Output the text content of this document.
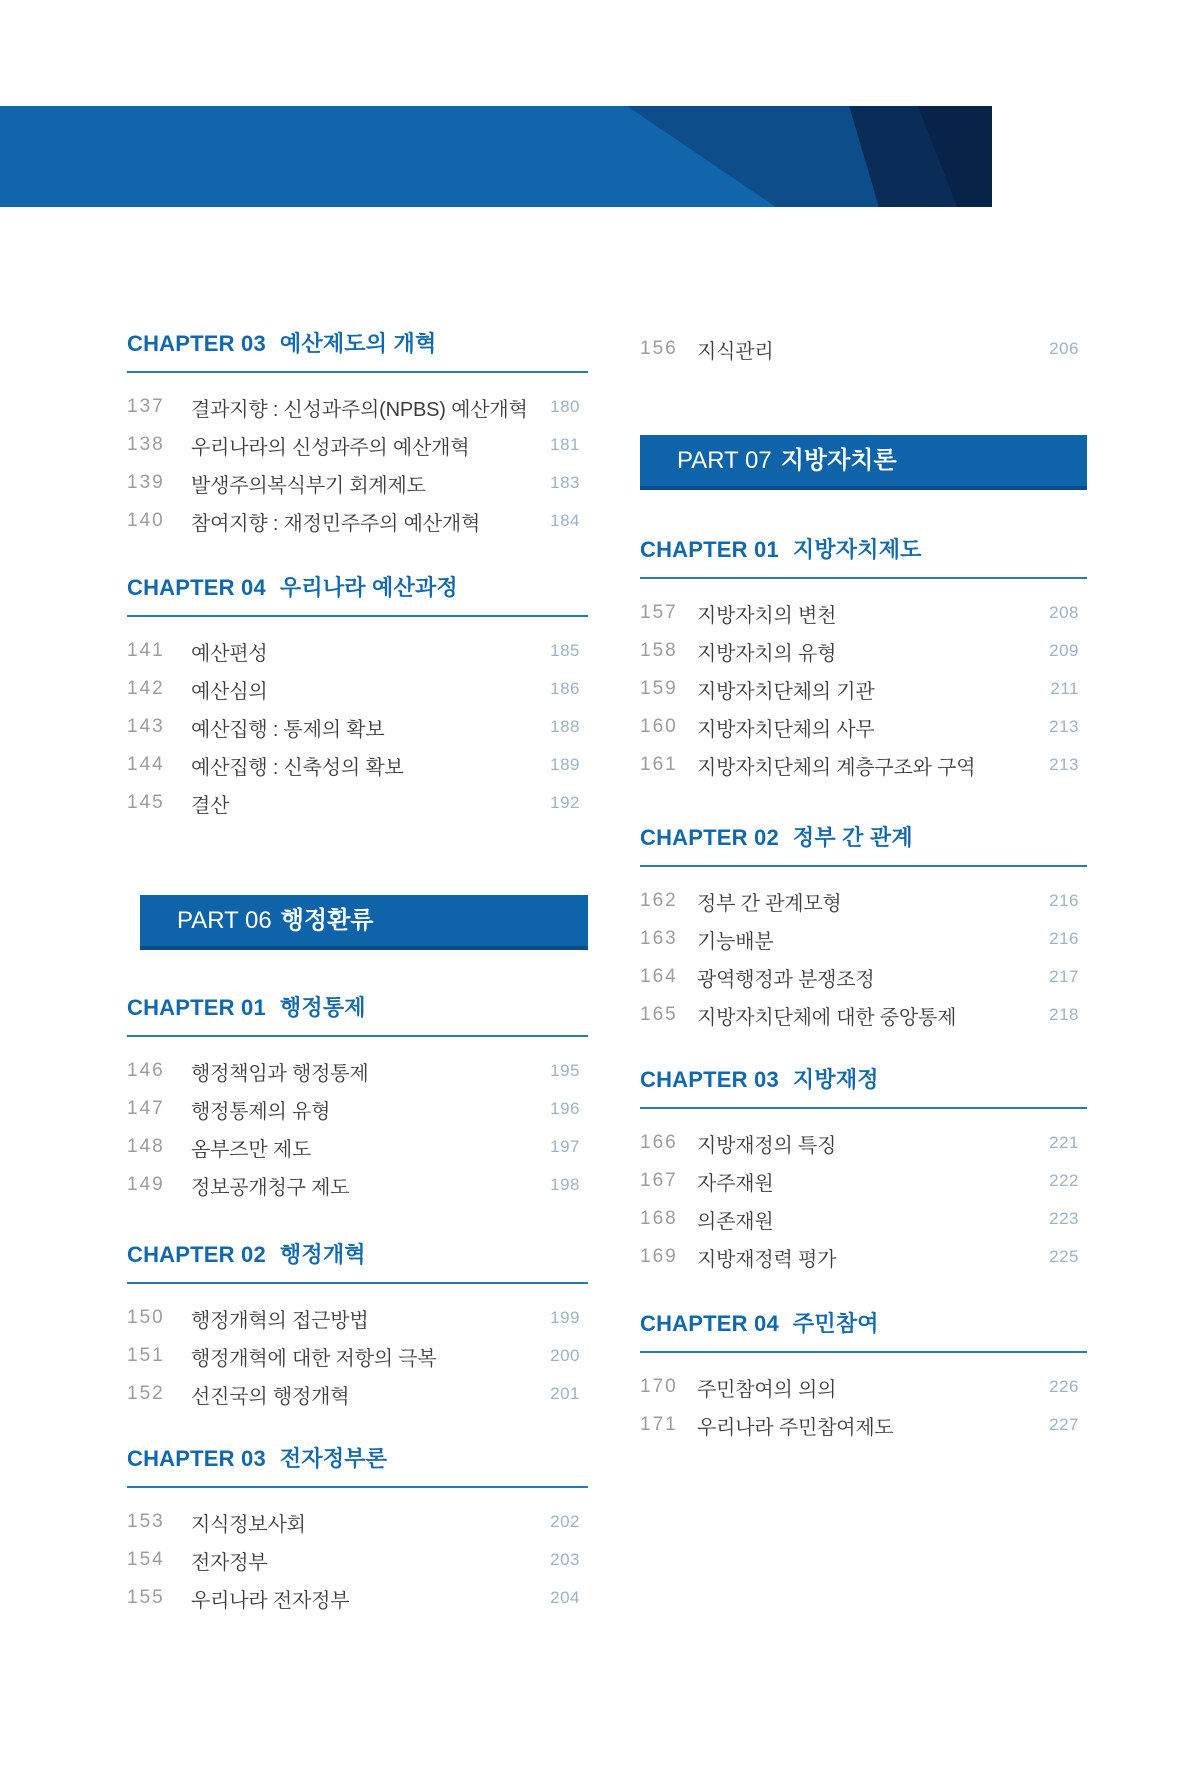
CHAPTER 03 예산제도의 개혁
137	결과지향 : 신성과주의(NPBS) 예산개혁	180
138	우리나라의 신성과주의 예산개혁	181
139	발생주의복식부기 회계제도	183
140	참여지향 : 재정민주주의 예산개혁	184
CHAPTER 04 우리나라 예산과정
141	예산편성	185
142	예산심의	186
143	예산집행 : 통제의 확보	188
144	예산집행 : 신축성의 확보	189
145	결산	192
PART 06 행정환류
CHAPTER 01 행정통제
146	행정책임과 행정통제	195
147	행정통제의 유형	196
148	옴부즈만 제도	197
149	정보공개청구 제도	198
CHAPTER 02 행정개혁
150	행정개혁의 접근방법	199
151	행정개혁에 대한 저항의 극복	200
152	선진국의 행정개혁	201
CHAPTER 03 전자정부론
153	지식정보사회	202
154	전자정부	203
155	우리나라 전자정부	204
156 지식관리	206
PART 07 지방자치론
CHAPTER 01 지방자치제도
157 지방자치의 변천	208
158 지방자치의 유형	209
159 지방자치단체의 기관	211
160 지방자치단체의 사무	213
161 지방자치단체의 계층구조와 구역	213
CHAPTER 02 정부 간 관계
162 정부 간 관계모형	216
163 기능배분	216
164 광역행정과 분쟁조정	217
165 지방자치단체에 대한 중앙통제	218
CHAPTER 03 지방재정
166 지방재정의 특징	221
167 자주재원	222
168 의존재원	223
169 지방재정력 평가	225
CHAPTER 04 주민참여
170 주민참여의 의의	226
171 우리나라 주민참여제도	227
